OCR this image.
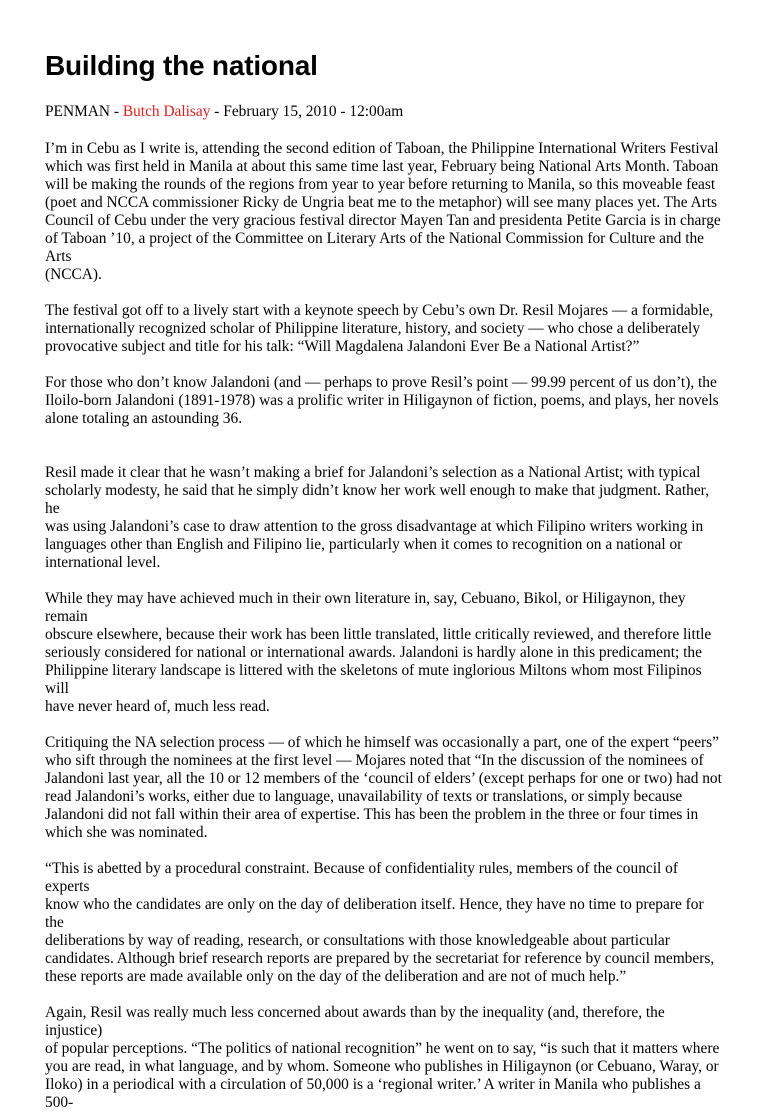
Building the national
PENMAN - Butch Dalisay - February 15, 2010 - 12:00am

I’m in Cebu as I write is, attending the second edition of Taboan, the Philippine International Writers Festival
which was first held in Manila at about this same time last year, February being National Arts Month. Taboan
will be making the rounds of the regions from year to year before returning to Manila, so this moveable feast
(poet and NCCA commissioner Ricky de Ungria beat me to the metaphor) will see many places yet. The Arts
Council of Cebu under the very gracious festival director Mayen Tan and presidenta Petite Garcia is in charge
of Taboan ’10, a project of the Committee on Literary Arts of the National Commission for Culture and the Arts
(NCCA).

The festival got off to a lively start with a keynote speech by Cebu’s own Dr. Resil Mojares — a formidable,
internationally recognized scholar of Philippine literature, history, and society — who chose a deliberately
provocative subject and title for his talk: “Will Magdalena Jalandoni Ever Be a National Artist?”

For those who don’t know Jalandoni (and — perhaps to prove Resil’s point — 99.99 percent of us don’t), the
Iloilo-born Jalandoni (1891-1978) was a prolific writer in Hiligaynon of fiction, poems, and plays, her novels
alone totaling an astounding 36.

Resil made it clear that he wasn’t making a brief for Jalandoni’s selection as a National Artist; with typical
scholarly modesty, he said that he simply didn’t know her work well enough to make that judgment. Rather, he
was using Jalandoni’s case to draw attention to the gross disadvantage at which Filipino writers working in
languages other than English and Filipino lie, particularly when it comes to recognition on a national or
international level.

While they may have achieved much in their own literature in, say, Cebuano, Bikol, or Hiligaynon, they remain
obscure elsewhere, because their work has been little translated, little critically reviewed, and therefore little
seriously considered for national or international awards. Jalandoni is hardly alone in this predicament; the
Philippine literary landscape is littered with the skeletons of mute inglorious Miltons whom most Filipinos will
have never heard of, much less read.

Critiquing the NA selection process — of which he himself was occasionally a part, one of the expert “peers”
who sift through the nominees at the first level — Mojares noted that “In the discussion of the nominees of
Jalandoni last year, all the 10 or 12 members of the ‘council of elders’ (except perhaps for one or two) had not
read Jalandoni’s works, either due to language, unavailability of texts or translations, or simply because
Jalandoni did not fall within their area of expertise. This has been the problem in the three or four times in
which she was nominated.

“This is abetted by a procedural constraint. Because of confidentiality rules, members of the council of experts
know who the candidates are only on the day of deliberation itself. Hence, they have no time to prepare for the
deliberations by way of reading, research, or consultations with those knowledgeable about particular
candidates. Although brief research reports are prepared by the secretariat for reference by council members,
these reports are made available only on the day of the deliberation and are not of much help.”

Again, Resil was really much less concerned about awards than by the inequality (and, therefore, the injustice)
of popular perceptions. “The politics of national recognition” he went on to say, “is such that it matters where
you are read, in what language, and by whom. Someone who publishes in Hiligaynon (or Cebuano, Waray, or
Iloko) in a periodical with a circulation of 50,000 is a ‘regional writer.’ A writer in Manila who publishes a 500-
